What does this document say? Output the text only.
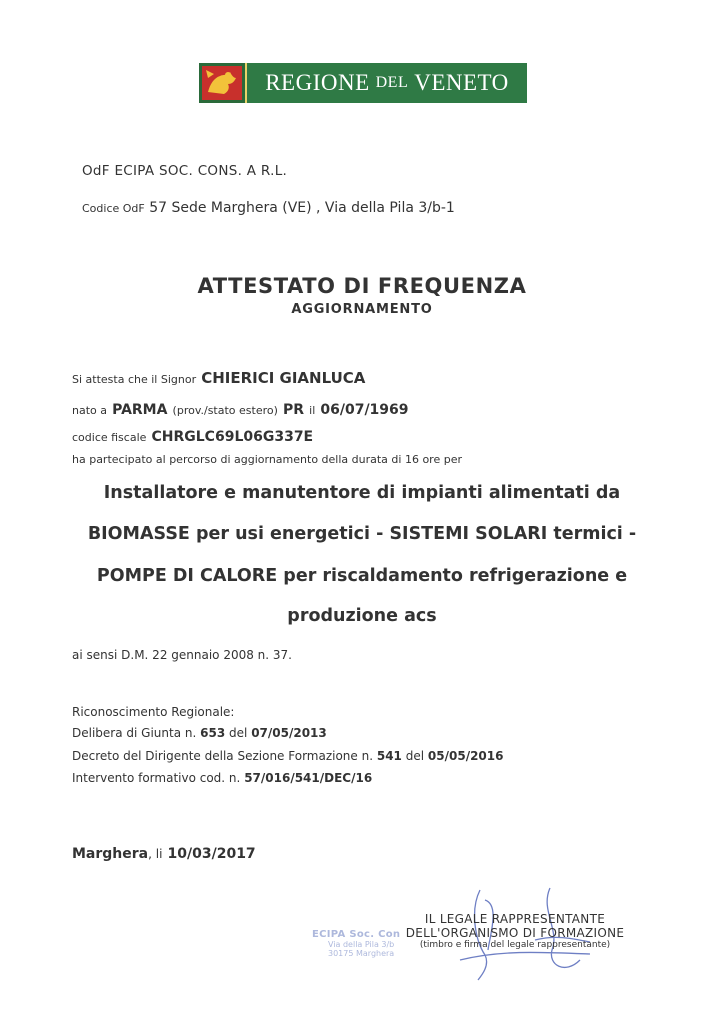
REGIONE DEL VENETO
OdF ECIPA SOC. CONS. A R.L.
Codice OdF 57 Sede Marghera (VE) , Via della Pila 3/b-1
ATTESTATO DI FREQUENZA
AGGIORNAMENTO
Si attesta che il Signor CHIERICI GIANLUCA
nato a PARMA (prov./stato estero) PR il 06/07/1969
codice fiscale CHRGLC69L06G337E
ha partecipato al percorso di aggiornamento della durata di 16 ore per
Installatore e manutentore di impianti alimentati da
BIOMASSE per usi energetici - SISTEMI SOLARI termici -
POMPE DI CALORE per riscaldamento refrigerazione e
produzione acs
ai sensi D.M. 22 gennaio 2008 n. 37.
Riconoscimento Regionale:
Delibera di Giunta n. 653 del 07/05/2013
Decreto del Dirigente della Sezione Formazione n. 541 del 05/05/2016
Intervento formativo cod. n. 57/016/541/DEC/16
Marghera, li 10/03/2017
ECIPA Soc. Con
Via della Pila 3/b
30175 Marghera
IL LEGALE RAPPRESENTANTE
DELL'ORGANISMO DI FORMAZIONE
(timbro e firma del legale rappresentante)
